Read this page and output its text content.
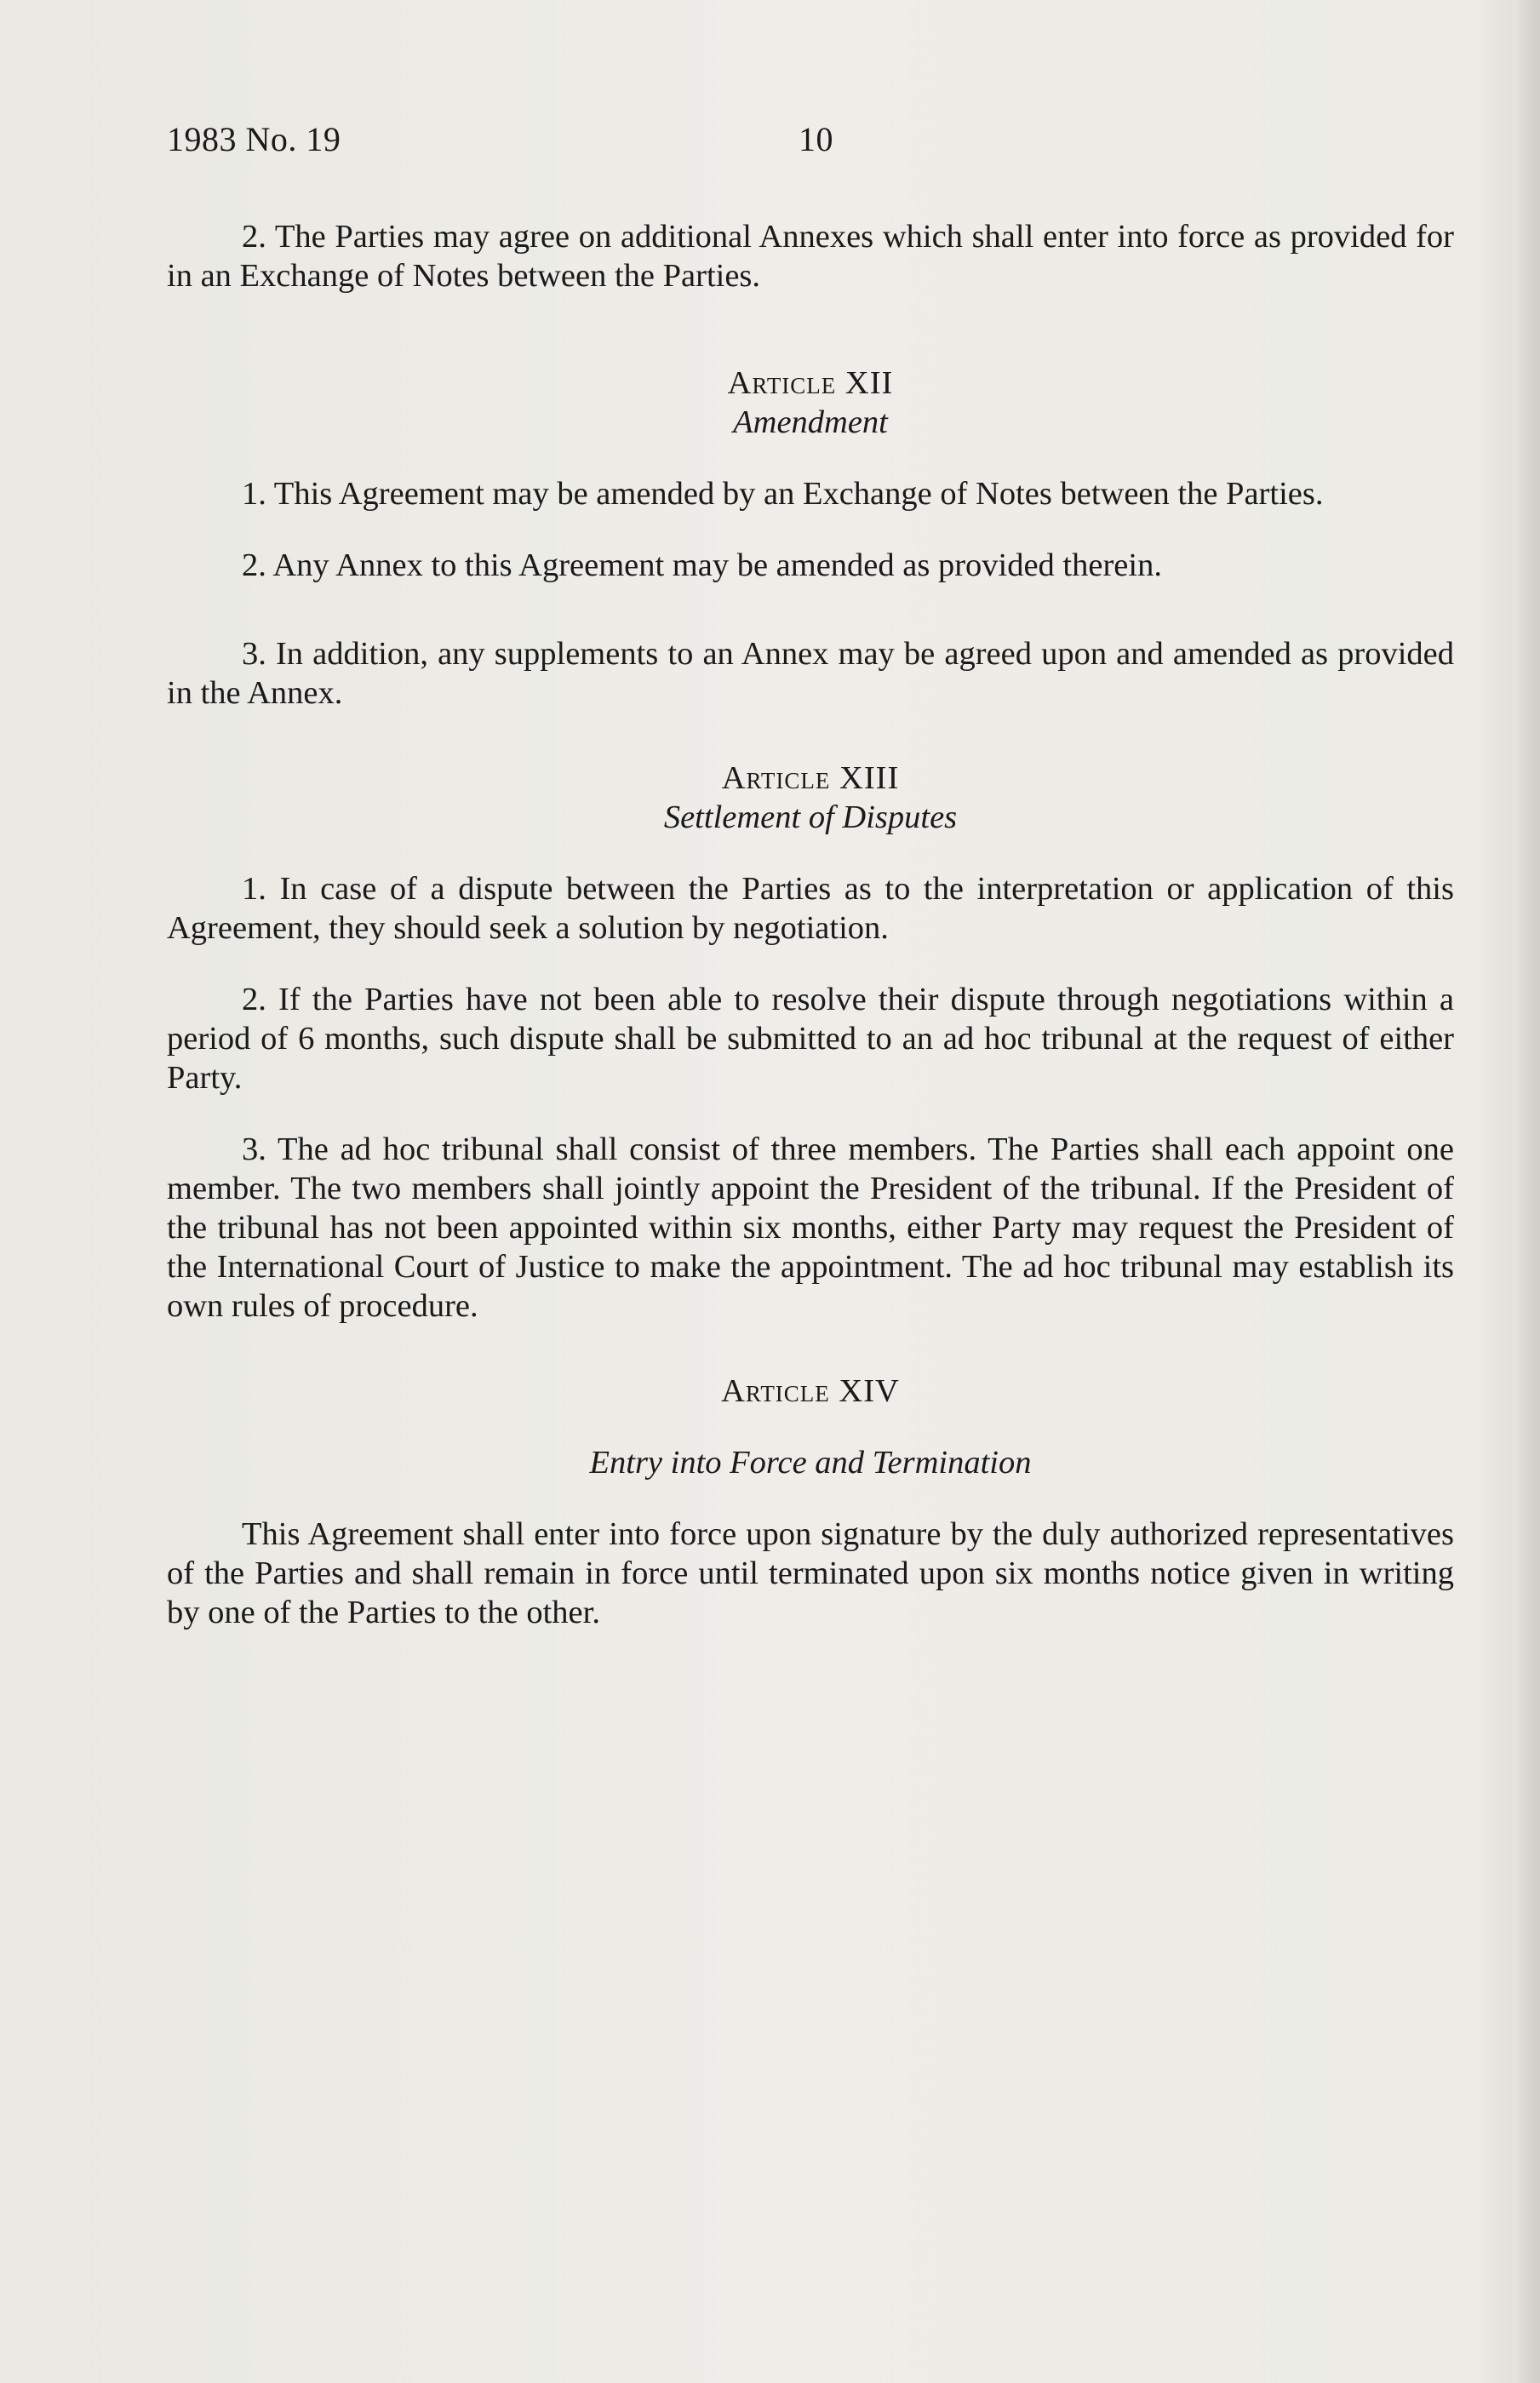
1983 No. 19	10

2. The Parties may agree on additional Annexes which shall enter into force as provided for in an Exchange of Notes between the Parties.

Article XII

Amendment

1. This Agreement may be amended by an Exchange of Notes between the Parties.

2. Any Annex to this Agreement may be amended as provided therein.

3. In addition, any supplements to an Annex may be agreed upon and amended as provided in the Annex.

Article XIII

Settlement of Disputes

1. In case of a dispute between the Parties as to the interpretation or application of this Agreement, they should seek a solution by negotiation.

2. If the Parties have not been able to resolve their dispute through negotiations within a period of 6 months, such dispute shall be submitted to an ad hoc tribunal at the request of either Party.

3. The ad hoc tribunal shall consist of three members. The Parties shall each appoint one member. The two members shall jointly appoint the President of the tribunal. If the President of the tribunal has not been appointed within six months, either Party may request the President of the International Court of Justice to make the appointment. The ad hoc tribunal may establish its own rules of procedure.

Article XIV

Entry into Force and Termination

This Agreement shall enter into force upon signature by the duly authorized representatives of the Parties and shall remain in force until terminated upon six months notice given in writing by one of the Parties to the other.
